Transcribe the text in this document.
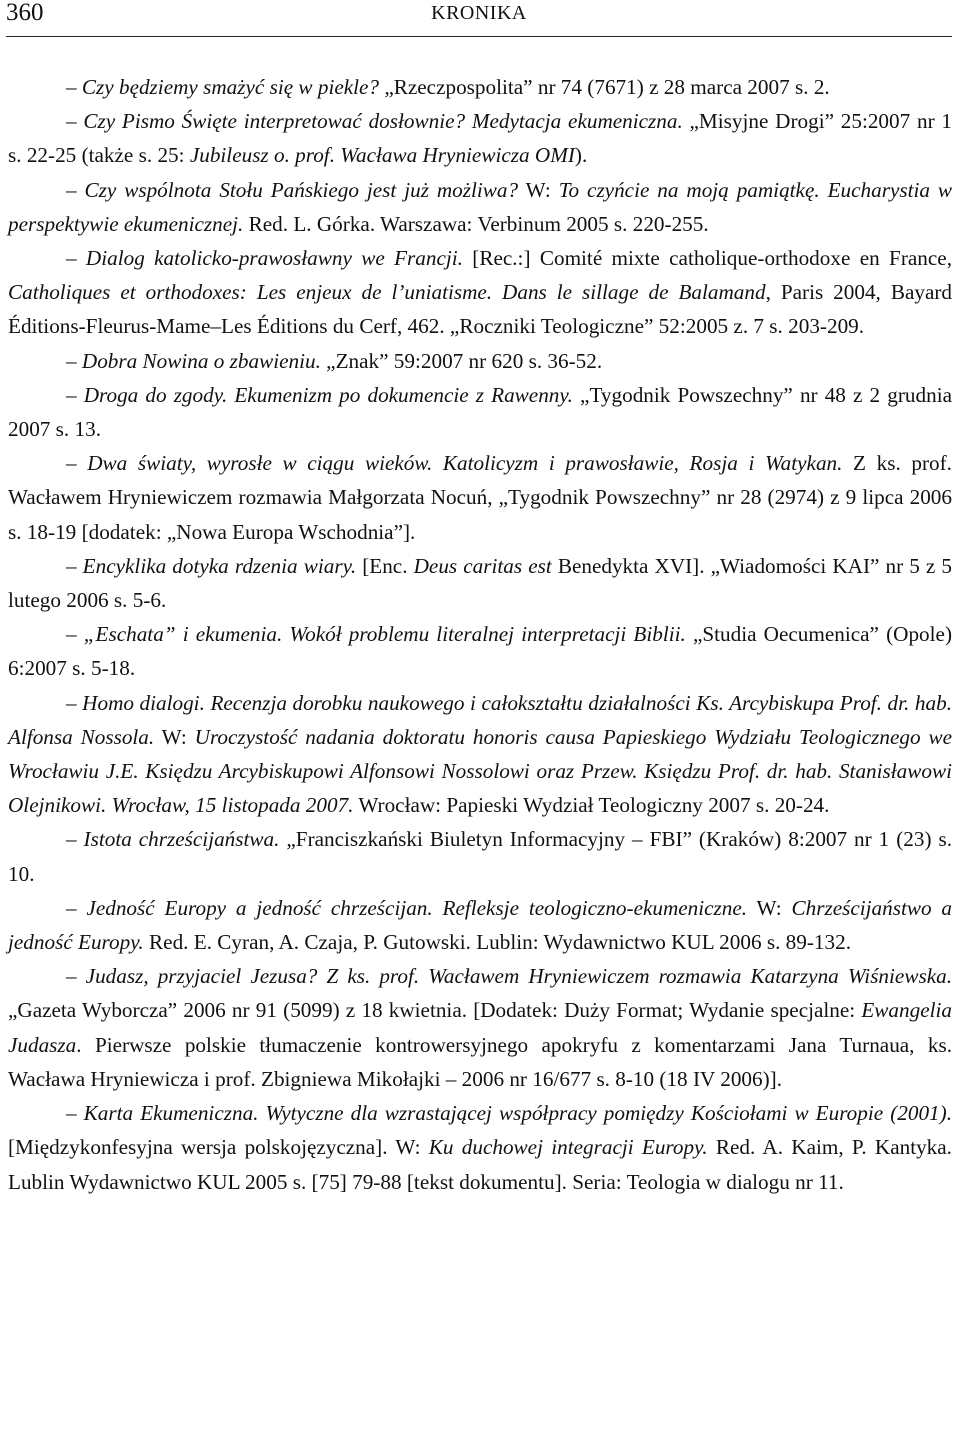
360	KRONIKA

– Czy będziemy smażyć się w piekle? „Rzeczpospolita” nr 74 (7671) z 28 marca 2007 s. 2.

– Czy Pismo Święte interpretować dosłownie? Medytacja ekumeniczna. „Misyjne Drogi” 25:2007 nr 1 s. 22-25 (także s. 25: Jubileusz o. prof. Wacława Hryniewicza OMI).

– Czy wspólnota Stołu Pańskiego jest już możliwa? W: To czyńcie na moją pamiątkę. Eucharystia w perspektywie ekumenicznej. Red. L. Górka. Warszawa: Verbinum 2005 s. 220-255.

– Dialog katolicko-prawosławny we Francji. [Rec.:] Comité mixte catholique-orthodoxe en France, Catholiques et orthodoxes: Les enjeux de l’uniatisme. Dans le sillage de Balamand, Paris 2004, Bayard Éditions-Fleurus-Mame–Les Éditions du Cerf, 462. „Roczniki Teologiczne” 52:2005 z. 7 s. 203-209.

– Dobra Nowina o zbawieniu. „Znak” 59:2007 nr 620 s. 36-52.

– Droga do zgody. Ekumenizm po dokumencie z Rawenny. „Tygodnik Powszechny” nr 48 z 2 grudnia 2007 s. 13.

– Dwa światy, wyrosłe w ciągu wieków. Katolicyzm i prawosławie, Rosja i Watykan. Z ks. prof. Wacławem Hryniewiczem rozmawia Małgorzata Nocuń, „Tygodnik Powszechny” nr 28 (2974) z 9 lipca 2006 s. 18-19 [dodatek: „Nowa Europa Wschodnia”].

– Encyklika dotyka rdzenia wiary. [Enc. Deus caritas est Benedykta XVI]. „Wiadomości KAI” nr 5 z 5 lutego 2006 s. 5-6.

– „Eschata” i ekumenia. Wokół problemu literalnej interpretacji Biblii. „Studia Oecumenica” (Opole) 6:2007 s. 5-18.

– Homo dialogi. Recenzja dorobku naukowego i całokształtu działalności Ks. Arcybiskupa Prof. dr. hab. Alfonsa Nossola. W: Uroczystość nadania doktoratu honoris causa Papieskiego Wydziału Teologicznego we Wrocławiu J.E. Księdzu Arcybiskupowi Alfonsowi Nossolowi oraz Przew. Księdzu Prof. dr. hab. Stanisławowi Olejnikowi. Wrocław, 15 listopada 2007. Wrocław: Papieski Wydział Teologiczny 2007 s. 20-24.

– Istota chrześcijaństwa. „Franciszkański Biuletyn Informacyjny – FBI” (Kraków) 8:2007 nr 1 (23) s. 10.

– Jedność Europy a jedność chrześcijan. Refleksje teologiczno-ekumeniczne. W: Chrześcijaństwo a jedność Europy. Red. E. Cyran, A. Czaja, P. Gutowski. Lublin: Wydawnictwo KUL 2006 s. 89-132.

– Judasz, przyjaciel Jezusa? Z ks. prof. Wacławem Hryniewiczem rozmawia Katarzyna Wiśniewska. „Gazeta Wyborcza” 2006 nr 91 (5099) z 18 kwietnia. [Dodatek: Duży Format; Wydanie specjalne: Ewangelia Judasza. Pierwsze polskie tłumaczenie kontrowersyjnego apokryfu z komentarzami Jana Turnaua, ks. Wacława Hryniewicza i prof. Zbigniewa Mikołajki – 2006 nr 16/677 s. 8-10 (18 IV 2006)].

– Karta Ekumeniczna. Wytyczne dla wzrastającej współpracy pomiędzy Kościołami w Europie (2001). [Międzykonfesyjna wersja polskojęzyczna]. W: Ku duchowej integracji Europy. Red. A. Kaim, P. Kantyka. Lublin Wydawnictwo KUL 2005 s. [75] 79-88 [tekst dokumentu]. Seria: Teologia w dialogu nr 11.
